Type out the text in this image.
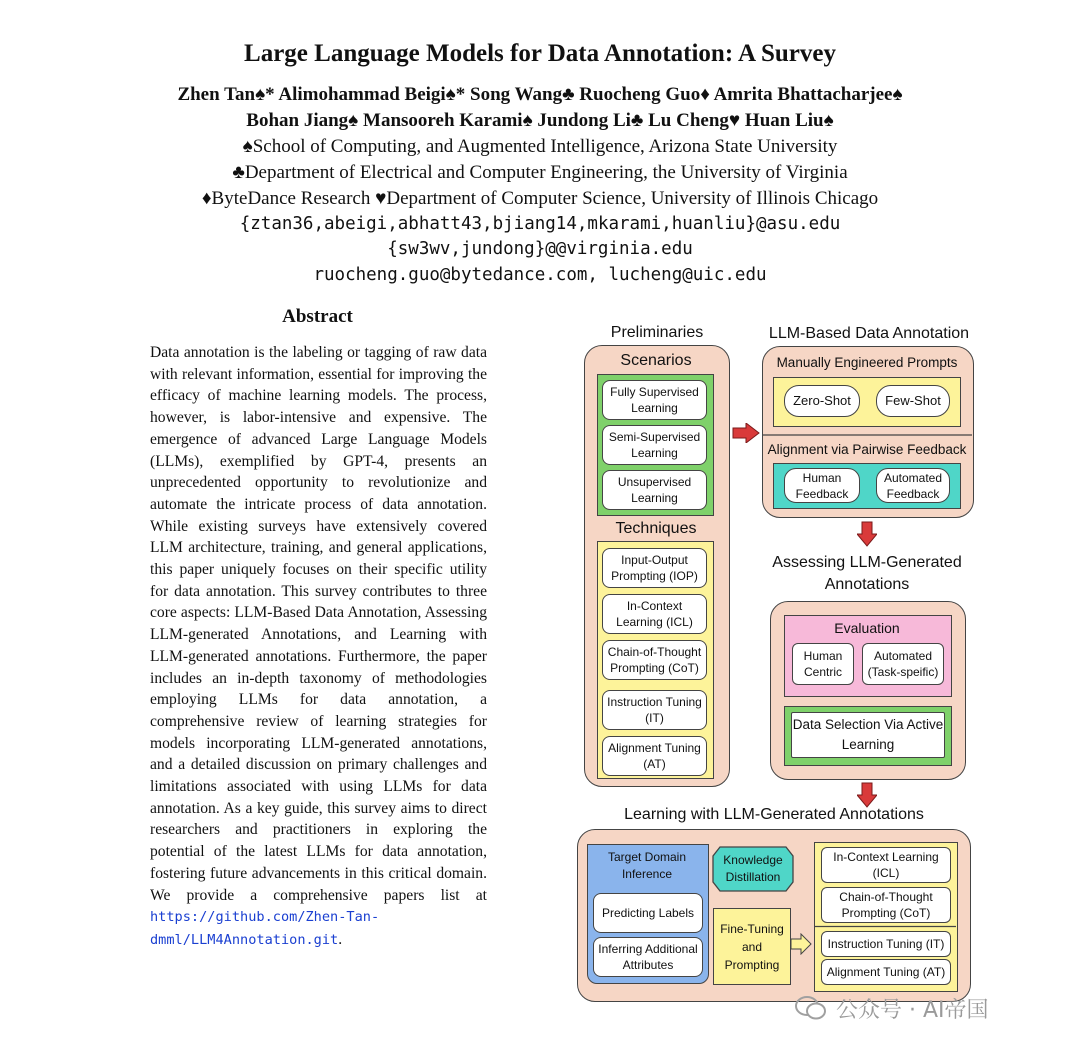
Large Language Models for Data Annotation: A Survey
Zhen Tan♠* Alimohammad Beigi♠* Song Wang♣ Ruocheng Guo♦ Amrita Bhattacharjee♠
Bohan Jiang♠ Mansooreh Karami♠ Jundong Li♣ Lu Cheng♥ Huan Liu♠
♠School of Computing, and Augmented Intelligence, Arizona State University
♣Department of Electrical and Computer Engineering, the University of Virginia
♦ByteDance Research ♥Department of Computer Science, University of Illinois Chicago
{ztan36,abeigi,abhatt43,bjiang14,mkarami,huanliu}@asu.edu
{sw3wv,jundong}@@virginia.edu
ruocheng.guo@bytedance.com, lucheng@uic.edu
Abstract
Data annotation is the labeling or tagging of raw data with relevant information, essential for improving the efficacy of machine learning models. The process, however, is labor-intensive and expensive. The emergence of advanced Large Language Models (LLMs), exemplified by GPT-4, presents an unprecedented opportunity to revolutionize and automate the intricate process of data annotation. While existing surveys have extensively covered LLM architecture, training, and general applications, this paper uniquely focuses on their specific utility for data annotation. This survey contributes to three core aspects: LLM-Based Data Annotation, Assessing LLM-generated Annotations, and Learning with LLM-generated annotations. Furthermore, the paper includes an in-depth taxonomy of methodologies employing LLMs for data annotation, a comprehensive review of learning strategies for models incorporating LLM-generated annotations, and a detailed discussion on primary challenges and limitations associated with using LLMs for data annotation. As a key guide, this survey aims to direct researchers and practitioners in exploring the potential of the latest LLMs for data annotation, fostering future advancements in this critical domain. We provide a comprehensive papers list at https://github.com/Zhen-Tan-dmml/LLM4Annotation.git.
Preliminaries
Scenarios
Fully Supervised Learning
Semi-Supervised Learning
Unsupervised Learning
Techniques
Input-Output Prompting (IOP)
In-Context Learning (ICL)
Chain-of-Thought Prompting (CoT)
Instruction Tuning (IT)
Alignment Tuning (AT)
LLM-Based Data Annotation
Manually Engineered Prompts
Zero-Shot	Few-Shot
Alignment via Pairwise Feedback
Human Feedback
Automated Feedback
Assessing LLM-Generated Annotations
Evaluation
Human Centric
Automated (Task-speific)
Data Selection Via Active Learning
Learning with LLM-Generated Annotations
Target Domain Inference
Predicting Labels
Inferring Additional Attributes
Knowledge Distillation
Fine-Tuning and Prompting
In-Context Learning (ICL)
Chain-of-Thought Prompting (CoT)
Instruction Tuning (IT)
Alignment Tuning (AT)
公众号 · AI帝国
